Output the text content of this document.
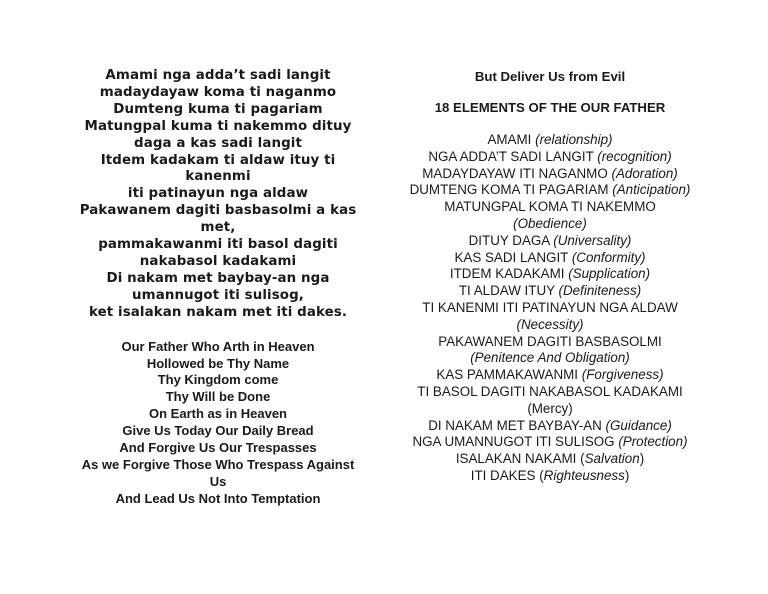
Amami nga adda’t sadi langit

madaydayaw koma ti naganmo

Dumteng kuma ti pagariam

Matungpal kuma ti nakemmo dituy

daga a kas sadi langit

Itdem kadakam ti aldaw ituy ti

kanenmi

iti patinayun nga aldaw

Pakawanem dagiti basbasolmi a kas

met,

pammakawanmi iti basol dagiti

nakabasol kadakami

Di nakam met baybay-an nga

umannugot iti sulisog,

ket isalakan nakam met iti dakes.

Our Father Who Arth in Heaven

Hollowed be Thy Name

Thy Kingdom come

Thy Will be Done

On Earth as in Heaven

Give Us Today Our Daily Bread

And Forgive Us Our Trespasses

As we Forgive Those Who Trespass Against

Us

And Lead Us Not Into Temptation

But Deliver Us from Evil

18 ELEMENTS OF THE OUR FATHER

AMAMI (relationship)

NGA ADDA’T SADI LANGIT (recognition)

MADAYDAYAW ITI NAGANMO (Adoration)

DUMTENG KOMA TI PAGARIAM (Anticipation)

MATUNGPAL KOMA TI NAKEMMO

(Obedience)

DITUY DAGA (Universality)

KAS SADI LANGIT (Conformity)

ITDEM KADAKAMI (Supplication)

TI ALDAW ITUY (Definiteness)

TI KANENMI ITI PATINAYUN NGA ALDAW

(Necessity)

PAKAWANEM DAGITI BASBASOLMI

(Penitence And Obligation)

KAS PAMMAKAWANMI (Forgiveness)

TI BASOL DAGITI NAKABASOL KADAKAMI

(Mercy)

DI NAKAM MET BAYBAY-AN (Guidance)

NGA UMANNUGOT ITI SULISOG (Protection)

ISALAKAN NAKAMI (Salvation)

ITI DAKES (Righteusness)
